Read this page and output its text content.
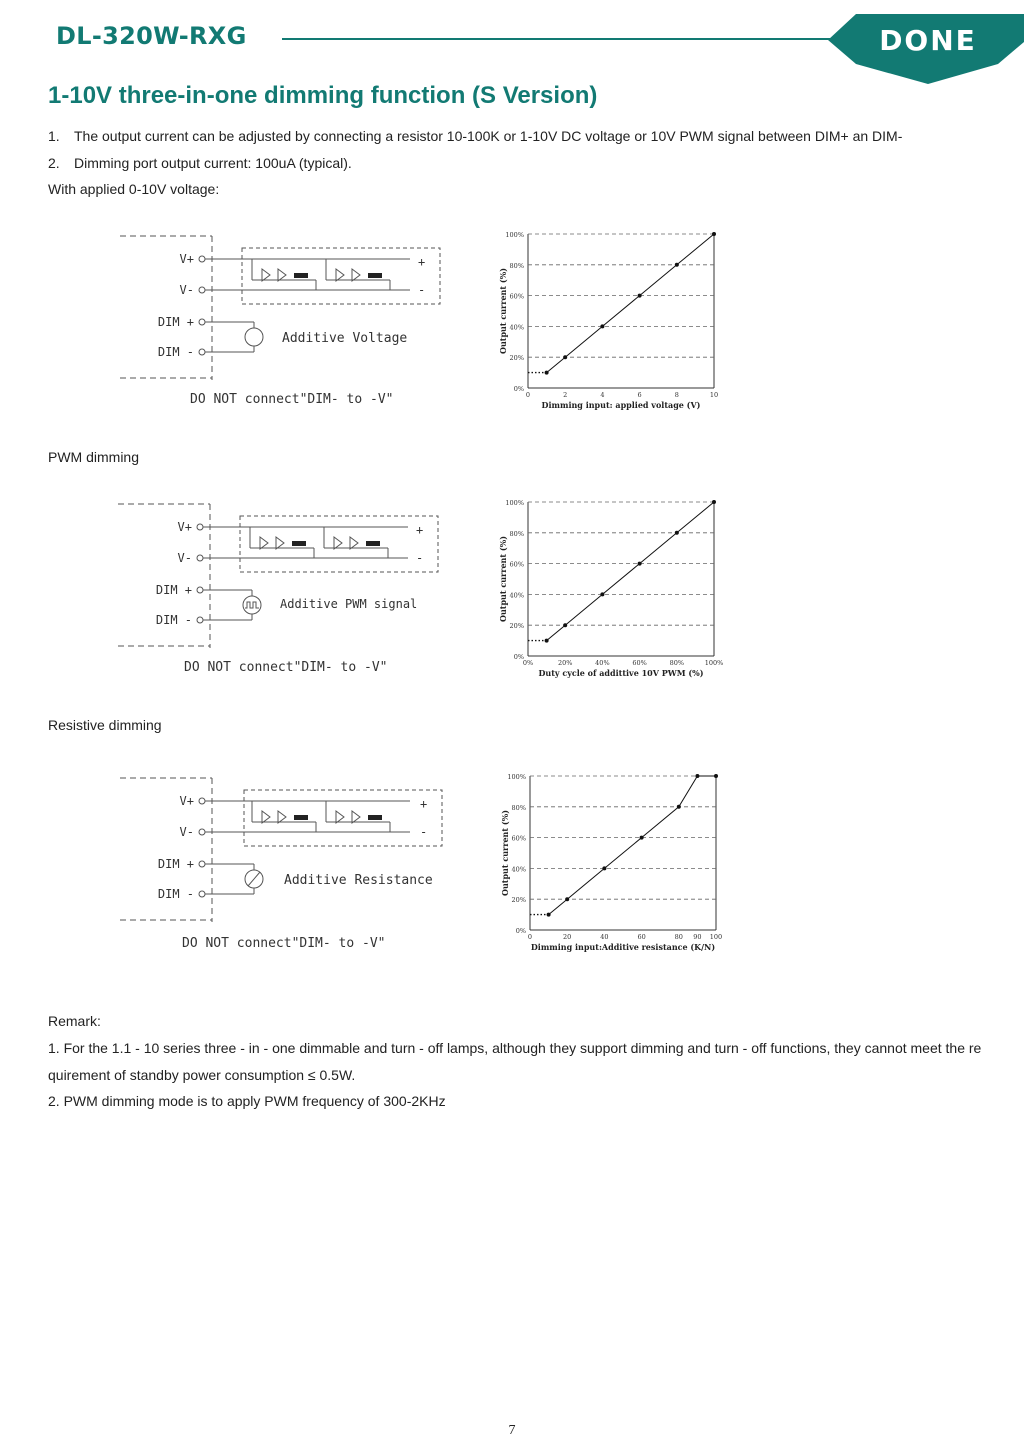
DL-320W-RXG	DONE
1-10V three-in-one dimming function (S Version)
1. The output current can be adjusted by connecting a resistor 10-100K or 1-10V DC voltage or 10V PWM signal between DIM+ an DIM-
2. Dimming port output current: 100uA (typical).
With applied 0-10V voltage:
PWM dimming
Resistive dimming
V+
V-
DIM +
DIM -
+
-
Additive Voltage
DO NOT connect"DIM- to -V"
V+
V-
DIM +
DIM -
+
-
Additive PWM signal
DO NOT connect"DIM- to -V"
V+
V-
DIM +
DIM -
+
-
Additive Resistance
DO NOT connect"DIM- to -V"
0%
20%
40%
60%
80%
100%
0	2	4	6	8	10
Dimming input: applied voltage (V)
Output current (%)
0%
20%
40%
60%
80%
100%
0%	20%	40%	60%	80%	100%
Duty cycle of addittive 10V PWM (%)
Output current (%)
0%
20%
40%
60%
80%
100%
0	20	40	60	80 90 100
Dimming input:Additive resistance (K/N)
Output current (%)
Remark:
1. For the 1.1 - 10 series three - in - one dimmable and turn - off lamps, although they support dimming and turn - off functions, they cannot meet the re
quirement of standby power consumption ≤ 0.5W.
2. PWM dimming mode is to apply PWM frequency of 300-2KHz
7
